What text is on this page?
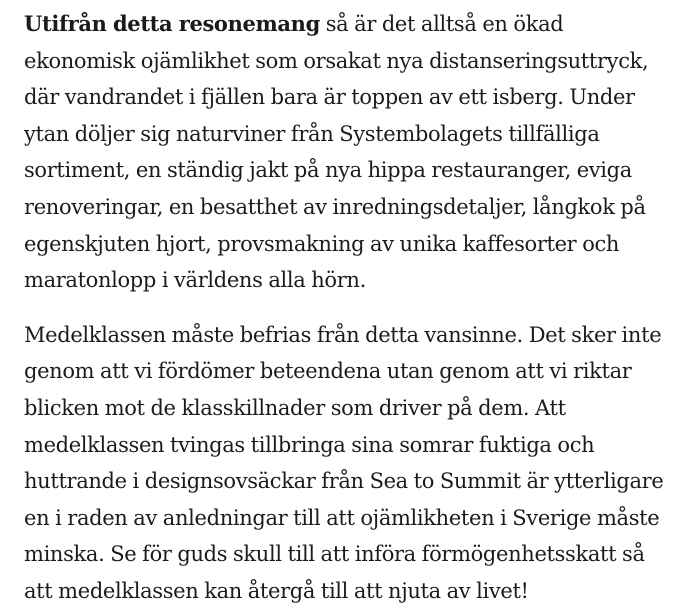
Utifrån detta resonemang så är det alltså en ökad ekonomisk ojämlikhet som orsakat nya distanseringsuttryck, där vandrandet i fjällen bara är toppen av ett isberg. Under ytan döljer sig naturviner från Systembolagets tillfälliga sortiment, en ständig jakt på nya hippa restauranger, eviga renoveringar, en besatthet av inredningsdetaljer, långkok på egenskjuten hjort, provsmakning av unika kaffesorter och maratonlopp i världens alla hörn.

Medelklassen måste befrias från detta vansinne. Det sker inte genom att vi fördömer beteendena utan genom att vi riktar blicken mot de klasskillnader som driver på dem. Att medelklassen tvingas tillbringa sina somrar fuktiga och huttrande i designsovsäckar från Sea to Summit är ytterligare en i raden av anledningar till att ojämlikheten i Sverige måste minska. Se för guds skull till att införa förmögenhetsskatt så att medelklassen kan återgå till att njuta av livet!
